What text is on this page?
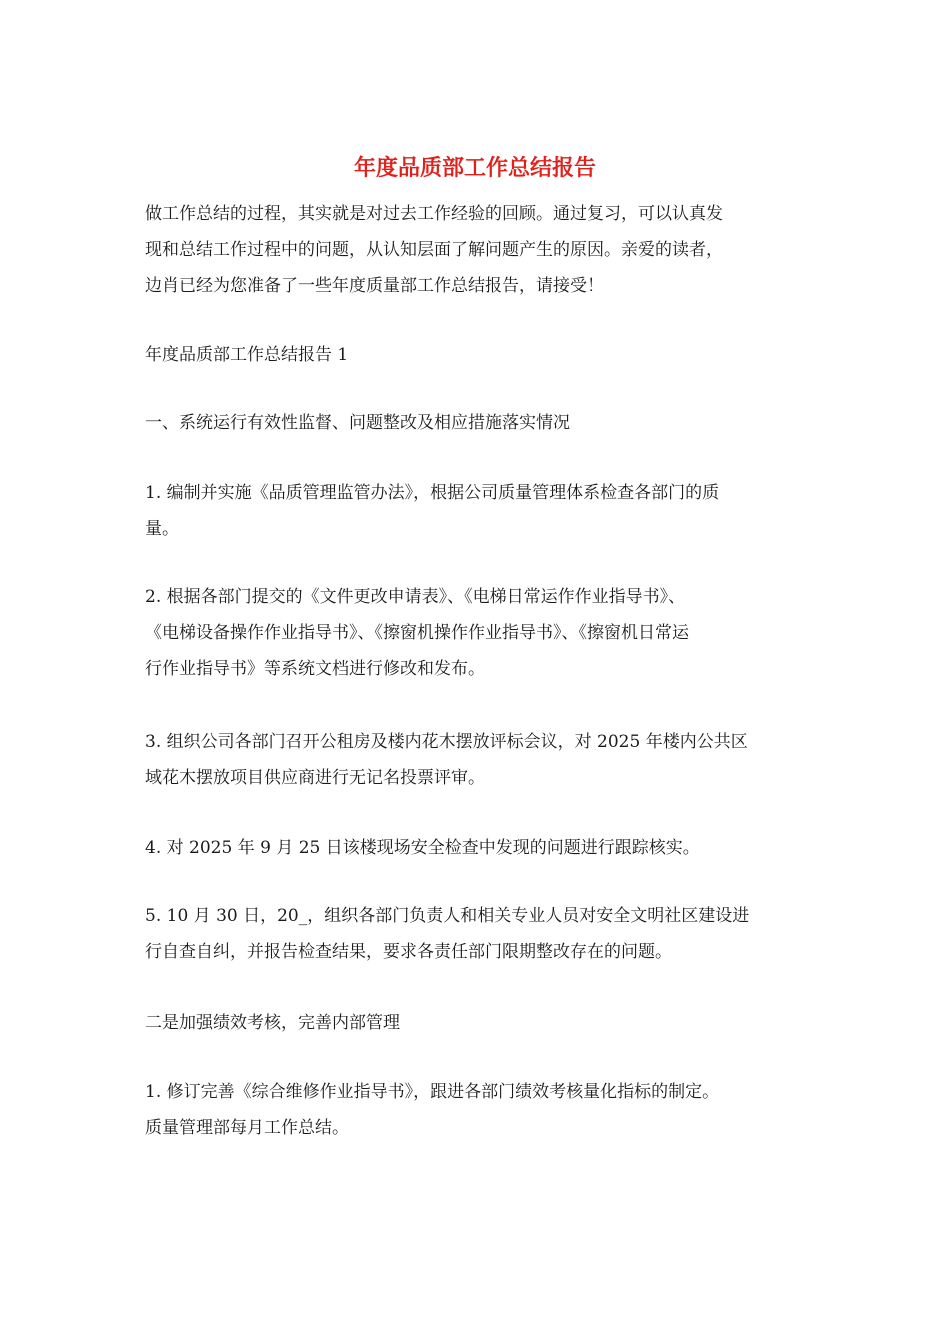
年度品质部工作总结报告

做工作总结的过程，其实就是对过去工作经验的回顾。通过复习，可以认真发
现和总结工作过程中的问题，从认知层面了解问题产生的原因。亲爱的读者，
边肖已经为您准备了一些年度质量部工作总结报告，请接受！

年度品质部工作总结报告 1

一、系统运行有效性监督、问题整改及相应措施落实情况

1. 编制并实施《品质管理监管办法》，根据公司质量管理体系检查各部门的质
量。

2. 根据各部门提交的《文件更改申请表》、《电梯日常运作作业指导书》、
《电梯设备操作作业指导书》、《擦窗机操作作业指导书》、《擦窗机日常运
行作业指导书》等系统文档进行修改和发布。

3. 组织公司各部门召开公租房及楼内花木摆放评标会议，对 2025 年楼内公共区
域花木摆放项目供应商进行无记名投票评审。

4. 对 2025 年 9 月 25 日该楼现场安全检查中发现的问题进行跟踪核实。

5. 10 月 30 日，20_，组织各部门负责人和相关专业人员对安全文明社区建设进
行自查自纠，并报告检查结果，要求各责任部门限期整改存在的问题。

二是加强绩效考核，完善内部管理

1. 修订完善《综合维修作业指导书》，跟进各部门绩效考核量化指标的制定。
质量管理部每月工作总结。
